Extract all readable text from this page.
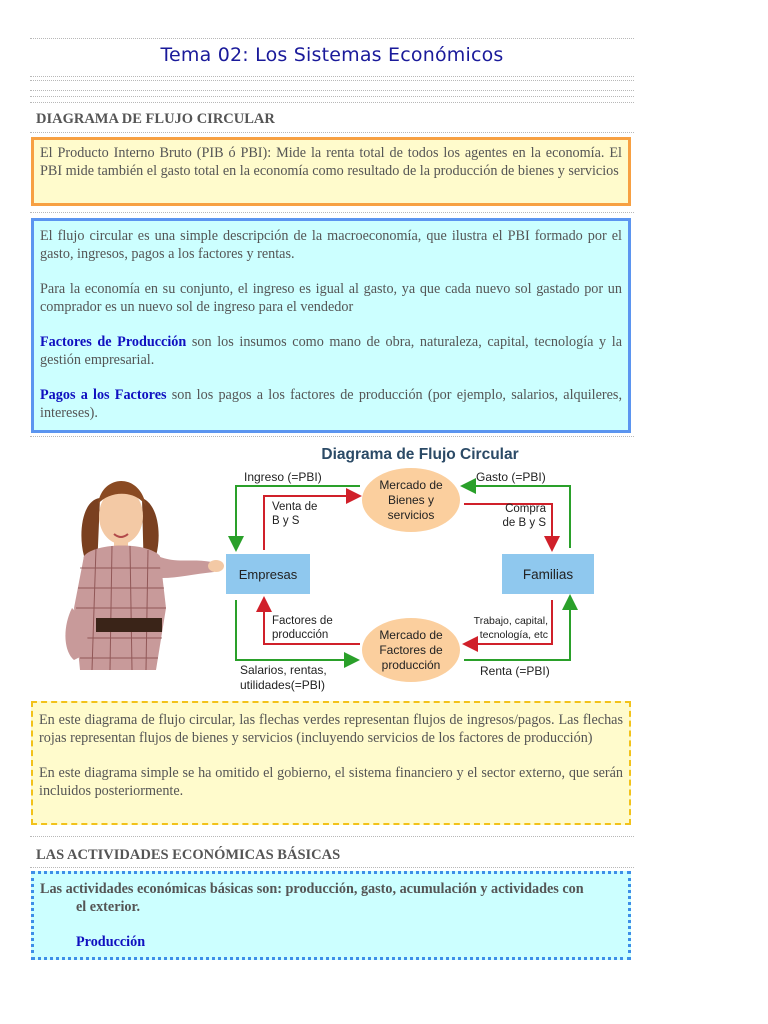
Tema 02: Los Sistemas Económicos
DIAGRAMA DE FLUJO CIRCULAR

El Producto Interno Bruto (PIB ó PBI): Mide la renta total de todos los agentes en la economía. El PBI mide también el gasto total en la economía como resultado de la producción de bienes y servicios

El flujo circular es una simple descripción de la macroeconomía, que ilustra el PBI formado por el gasto, ingresos, pagos a los factores y rentas.

Para la economía en su conjunto, el ingreso es igual al gasto, ya que cada nuevo sol gastado por un comprador es un nuevo sol de ingreso para el vendedor

Factores de Producción son los insumos como mano de obra, naturaleza, capital, tecnología y la gestión empresarial.

Pagos a los Factores son los pagos a los factores de producción (por ejemplo, salarios, alquileres, intereses).

Diagrama de Flujo Circular
Empresas	Familias
Mercado de
Bienes y
servicios
Mercado de
Factores de
producción
Ingreso (=PBI)	Gasto (=PBI)
Venta de
B y S
Compra
de B y S
Factores de
producción
Trabajo, capital,
tecnología, etc
Salarios, rentas,
utilidades(=PBI)
Renta (=PBI)

En este diagrama de flujo circular, las flechas verdes representan flujos de ingresos/pagos. Las flechas rojas representan flujos de bienes y servicios (incluyendo servicios de los factores de producción)

En este diagrama simple se ha omitido el gobierno, el sistema financiero y el sector externo, que serán incluidos posteriormente.

LAS ACTIVIDADES ECONÓMICAS BÁSICAS
Las actividades económicas básicas son: producción, gasto, acumulación y actividades con
el exterior.
Producción
